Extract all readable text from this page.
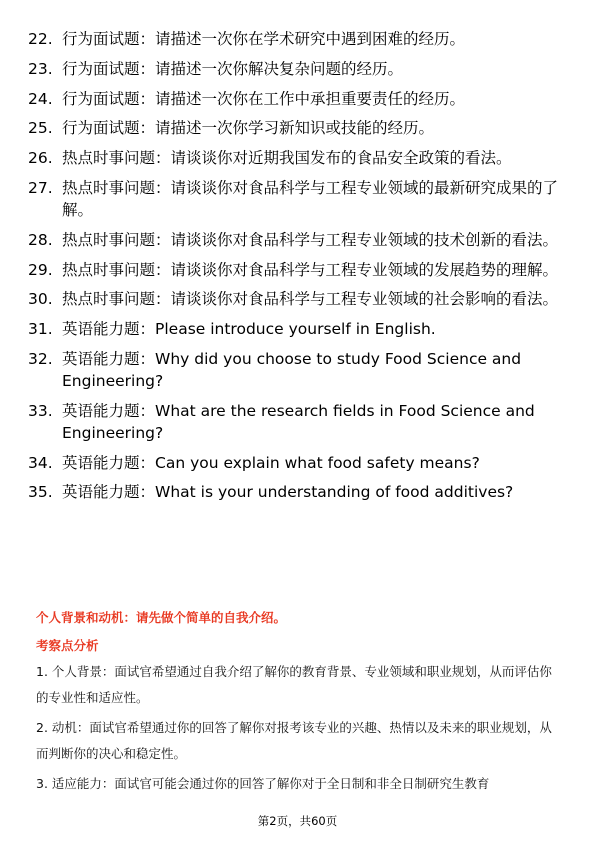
22. 行为面试题：请描述一次你在学术研究中遇到困难的经历。
23. 行为面试题：请描述一次你解决复杂问题的经历。
24. 行为面试题：请描述一次你在工作中承担重要责任的经历。
25. 行为面试题：请描述一次你学习新知识或技能的经历。
26. 热点时事问题：请谈谈你对近期我国发布的食品安全政策的看法。
27. 热点时事问题：请谈谈你对食品科学与工程专业领域的最新研究成果的了解。
28. 热点时事问题：请谈谈你对食品科学与工程专业领域的技术创新的看法。
29. 热点时事问题：请谈谈你对食品科学与工程专业领域的发展趋势的理解。
30. 热点时事问题：请谈谈你对食品科学与工程专业领域的社会影响的看法。
31. 英语能力题：Please introduce yourself in English.
32. 英语能力题：Why did you choose to study Food Science and Engineering?
33. 英语能力题：What are the research fields in Food Science and Engineering?
34. 英语能力题：Can you explain what food safety means?
35. 英语能力题：What is your understanding of food additives?
个人背景和动机：请先做个简单的自我介绍。
考察点分析
1. 个人背景：面试官希望通过自我介绍了解你的教育背景、专业领域和职业规划，从而评估你的专业性和适应性。
2. 动机：面试官希望通过你的回答了解你对报考该专业的兴趣、热情以及未来的职业规划，从而判断你的决心和稳定性。
3. 适应能力：面试官可能会通过你的回答了解你对于全日制和非全日制研究生教育
第2页，共60页
